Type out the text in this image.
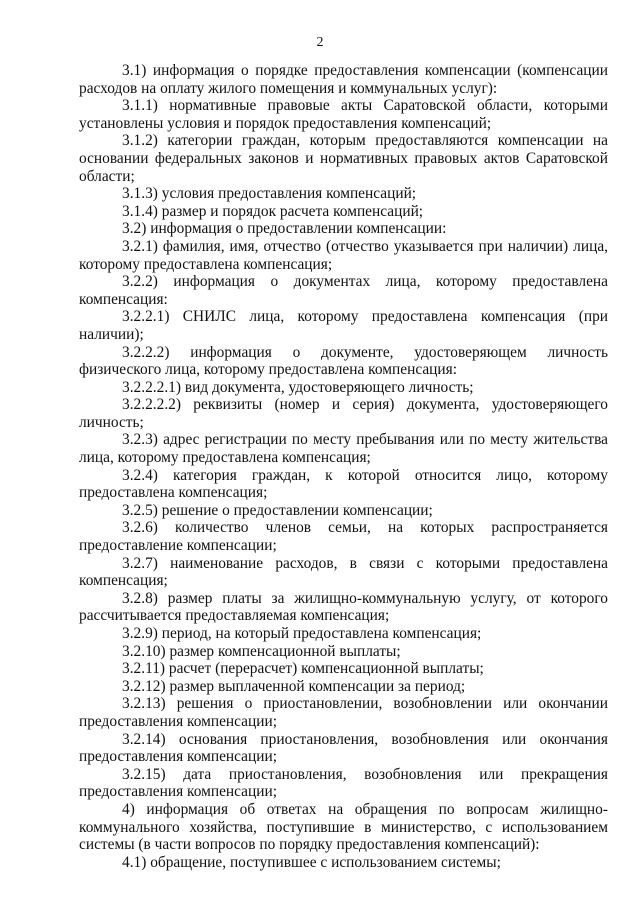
2

3.1) информация о порядке предоставления компенсации (компенсации расходов на оплату жилого помещения и коммунальных услуг):

3.1.1) нормативные правовые акты Саратовской области, которыми установлены условия и порядок предоставления компенсаций;

3.1.2) категории граждан, которым предоставляются компенсации на основании федеральных законов и нормативных правовых актов Саратовской области;

3.1.3) условия предоставления компенсаций;

3.1.4) размер и порядок расчета компенсаций;

3.2) информация о предоставлении компенсации:

3.2.1) фамилия, имя, отчество (отчество указывается при наличии) лица, которому предоставлена компенсация;

3.2.2) информация о документах лица, которому предоставлена компенсация:

3.2.2.1) СНИЛС лица, которому предоставлена компенсация (при наличии);

3.2.2.2) информация о документе, удостоверяющем личность физического лица, которому предоставлена компенсация:

3.2.2.2.1) вид документа, удостоверяющего личность;

3.2.2.2.2) реквизиты (номер и серия) документа, удостоверяющего личность;

3.2.3) адрес регистрации по месту пребывания или по месту жительства лица, которому предоставлена компенсация;

3.2.4) категория граждан, к которой относится лицо, которому предоставлена компенсация;

3.2.5) решение о предоставлении компенсации;

3.2.6) количество членов семьи, на которых распространяется предоставление компенсации;

3.2.7) наименование расходов, в связи с которыми предоставлена компенсация;

3.2.8) размер платы за жилищно-коммунальную услугу, от которого рассчитывается предоставляемая компенсация;

3.2.9) период, на который предоставлена компенсация;

3.2.10) размер компенсационной выплаты;

3.2.11) расчет (перерасчет) компенсационной выплаты;

3.2.12) размер выплаченной компенсации за период;

3.2.13) решения о приостановлении, возобновлении или окончании предоставления компенсации;

3.2.14) основания приостановления, возобновления или окончания предоставления компенсации;

3.2.15) дата приостановления, возобновления или прекращения предоставления компенсации;

4) информация об ответах на обращения по вопросам жилищно-коммунального хозяйства, поступившие в министерство, с использованием системы (в части вопросов по порядку предоставления компенсаций):

4.1) обращение, поступившее с использованием системы;
